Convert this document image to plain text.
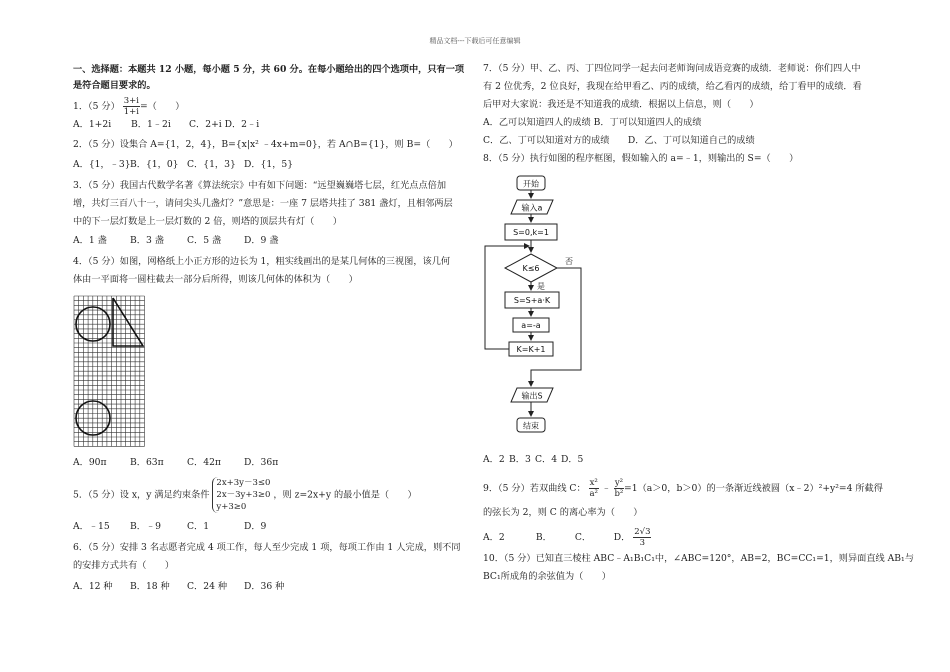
精品文档---下载后可任意编辑
一、选择题：本题共 12 小题，每小题 5 分，共 60 分。在每小题给出的四个选项中，只有一项
是符合题目要求的。
1．（5 分） $\frac{3+i}{1+i}$ =（　　）
A．1+2i	B．1﹣2i	C．2+i D．2﹣i
2．（5 分）设集合 A={1，2，4}，B={x|x² ﹣4x+m=0}，若 A∩B={1}，则 B=（　　）
A．{1，﹣3} B．{1，0} C．{1，3} D．{1，5}
3．（5 分）我国古代数学名著《算法统宗》中有如下问题：“远望巍巍塔七层，红光点点倍加
增，共灯三百八十一，请问尖头几盏灯？”意思是：一座 7 层塔共挂了 381 盏灯，且相邻两层
中的下一层灯数是上一层灯数的 2 倍，则塔的顶层共有灯（　　）
A．1 盏	B．3 盏	C．5 盏	D．9 盏
4．（5 分）如图，网格纸上小正方形的边长为 1，粗实线画出的是某几何体的三视图，该几何
体由一平面将一圆柱截去一部分后所得，则该几何体的体积为（　　）
A．90π	B．63π	C．42π	D．36π
5．（5 分）设 x，y 满足约束条件
2x+3y－3≤0
2x－3y+3≥0
y+3≥0
，则 z=2x+y 的最小值是（　　）
A．﹣15	B．﹣9	C．1	D．9
6．（5 分）安排 3 名志愿者完成 4 项工作，每人至少完成 1 项，每项工作由 1 人完成，则不同
的安排方式共有（　　）
A．12 种	B．18 种	C．24 种	D．36 种
7．（5 分）甲、乙、丙、丁四位同学一起去问老师询问成语竞赛的成绩．老师说：你们四人中
有 2 位优秀，2 位良好，我现在给甲看乙、丙的成绩，给乙看丙的成绩，给丁看甲的成绩．看
后甲对大家说：我还是不知道我的成绩．根据以上信息，则（　　）
A．乙可以知道四人的成绩 B．丁可以知道四人的成绩
C．乙、丁可以知道对方的成绩　　D．乙、丁可以知道自己的成绩
8．（5 分）执行如图的程序框图，假如输入的 a=﹣1，则输出的 S=（　　）
开始
输入a
S=0,k=1
K≤6
否
是
S=S+a·K
a=-a
K=K+1
输出S
结束
A．2 B．3 C．4 D．5
9．（5 分）若双曲线 C： $\frac{\text{x²}}{\text{a²}}$ ﹣ $\frac{\text{y²}}{\text{b²}} =1(a>0$，b＞0）的一条渐近线被圆（x﹣2）²+y²=4 所截得
的弦长为 2，则 C 的离心率为（　　）
A．2	B． C． D． $\frac{2√3}{3}$
10．（5 分）已知直三棱柱 ABC﹣A₁B₁C₁中，∠ABC=120°，AB=2，BC=CC₁=1，则异面直线 AB₁与
BC₁所成角的余弦值为（　　）
